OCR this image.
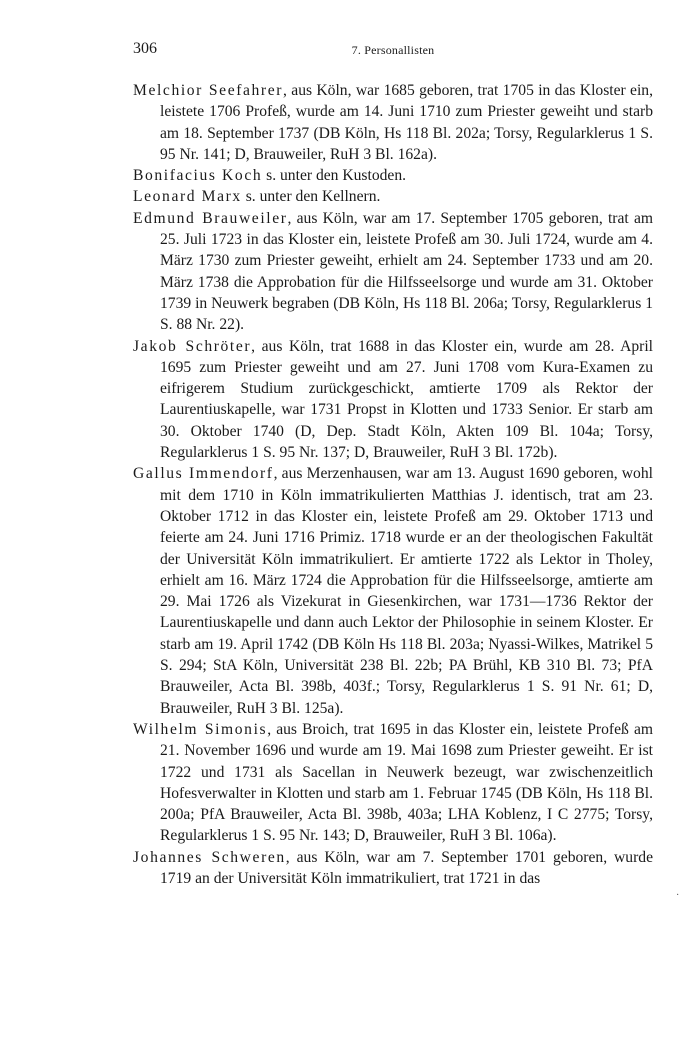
306	7. Personallisten

Melchior Seefahrer, aus Köln, war 1685 geboren, trat 1705 in das Kloster ein, leistete 1706 Profeß, wurde am 14. Juni 1710 zum Priester geweiht und starb am 18. September 1737 (DB Köln, Hs 118 Bl. 202a; Torsy, Regularklerus 1 S. 95 Nr. 141; D, Brauweiler, RuH 3 Bl. 162a).

Bonifacius Koch s. unter den Kustoden.

Leonard Marx s. unter den Kellnern.

Edmund Brauweiler, aus Köln, war am 17. September 1705 geboren, trat am 25. Juli 1723 in das Kloster ein, leistete Profeß am 30. Juli 1724, wurde am 4. März 1730 zum Priester geweiht, erhielt am 24. September 1733 und am 20. März 1738 die Approbation für die Hilfsseelsorge und wurde am 31. Oktober 1739 in Neuwerk begraben (DB Köln, Hs 118 Bl. 206a; Torsy, Regularklerus 1 S. 88 Nr. 22).

Jakob Schröter, aus Köln, trat 1688 in das Kloster ein, wurde am 28. April 1695 zum Priester geweiht und am 27. Juni 1708 vom Kura-Examen zu eifrigerem Studium zurückgeschickt, amtierte 1709 als Rektor der Laurentiuskapelle, war 1731 Propst in Klotten und 1733 Senior. Er starb am 30. Oktober 1740 (D, Dep. Stadt Köln, Akten 109 Bl. 104a; Torsy, Regularklerus 1 S. 95 Nr. 137; D, Brauweiler, RuH 3 Bl. 172b).

Gallus Immendorf, aus Merzenhausen, war am 13. August 1690 geboren, wohl mit dem 1710 in Köln immatrikulierten Matthias J. identisch, trat am 23. Oktober 1712 in das Kloster ein, leistete Profeß am 29. Oktober 1713 und feierte am 24. Juni 1716 Primiz. 1718 wurde er an der theologischen Fakultät der Universität Köln immatrikuliert. Er amtierte 1722 als Lektor in Tholey, erhielt am 16. März 1724 die Approbation für die Hilfsseelsorge, amtierte am 29. Mai 1726 als Vizekurat in Giesenkirchen, war 1731—1736 Rektor der Laurentiuskapelle und dann auch Lektor der Philosophie in seinem Kloster. Er starb am 19. April 1742 (DB Köln Hs 118 Bl. 203a; Nyassi-Wilkes, Matrikel 5 S. 294; StA Köln, Universität 238 Bl. 22b; PA Brühl, KB 310 Bl. 73; PfA Brauweiler, Acta Bl. 398b, 403f.; Torsy, Regularklerus 1 S. 91 Nr. 61; D, Brauweiler, RuH 3 Bl. 125a).

Wilhelm Simonis, aus Broich, trat 1695 in das Kloster ein, leistete Profeß am 21. November 1696 und wurde am 19. Mai 1698 zum Priester geweiht. Er ist 1722 und 1731 als Sacellan in Neuwerk bezeugt, war zwischenzeitlich Hofesverwalter in Klotten und starb am 1. Februar 1745 (DB Köln, Hs 118 Bl. 200a; PfA Brauweiler, Acta Bl. 398b, 403a; LHA Koblenz, I C 2775; Torsy, Regularklerus 1 S. 95 Nr. 143; D, Brauweiler, RuH 3 Bl. 106a).

Johannes Schweren, aus Köln, war am 7. September 1701 geboren, wurde 1719 an der Universität Köln immatrikuliert, trat 1721 in das

·
